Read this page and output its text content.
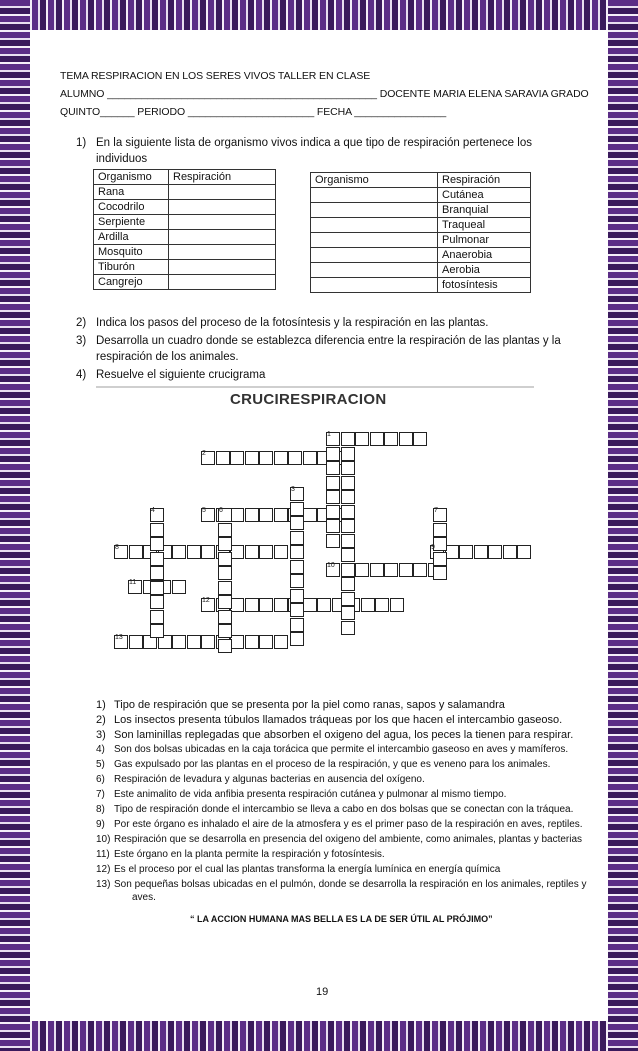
TEMA RESPIRACION EN LOS SERES VIVOS TALLER EN CLASE
ALUMNO _______________________________________________ DOCENTE MARIA ELENA SARAVIA GRADO
QUINTO______ PERIODO ______________________ FECHA ________________
1) En la siguiente lista de organismo vivos indica a que tipo de respiración pertenece los
individuos
Organismo	Respiración
Rana	
Cocodrilo	
Serpiente	
Ardilla	
Mosquito	
Tiburón	
Cangrejo	
Organismo	Respiración
	Cutánea
	Branquial
	Traqueal
	Pulmonar
	Anaerobia
	Aerobia
	fotosíntesis
2) Indica los pasos del proceso de la fotosíntesis y la respiración en las plantas.
3) Desarrolla un cuadro donde se establezca diferencia entre la respiración de las plantas y la
respiración de los animales.
4) Resuelve el siguiente crucigrama
CRUCIRESPIRACION
1
2
3
4	5 6	7
8	9
10
11
12
13
1) Tipo de respiración que se presenta por la piel como ranas, sapos y salamandra
2) Los insectos presenta túbulos llamados tráqueas por los que hacen el intercambio gaseoso.
3) Son laminillas replegadas que absorben el oxigeno del agua, los peces la tienen para respirar.
4) Son dos bolsas ubicadas en la caja torácica que permite el intercambio gaseoso en aves y mamíferos.
5) Gas expulsado por las plantas en el proceso de la respiración, y que es veneno para los animales.
6) Respiración de levadura y algunas bacterias en ausencia del oxígeno.
7) Este animalito de vida anfibia presenta respiración cutánea y pulmonar al mismo tiempo.
8) Tipo de respiración donde el intercambio se lleva a cabo en dos bolsas que se conectan con la tráquea.
9) Por este órgano es inhalado el aire de la atmosfera y es el primer paso de la respiración en aves, reptiles.
10) Respiración que se desarrolla en presencia del oxigeno del ambiente, como animales, plantas y bacterias
11) Este órgano en la planta permite la respiración y fotosíntesis.
12) Es el proceso por el cual las plantas transforma la energía lumínica en energía química
13) Son pequeñas bolsas ubicadas en el pulmón, donde se desarrolla la respiración en los animales, reptiles y
aves.
“ LA ACCION HUMANA MAS BELLA ES LA DE SER ÚTIL AL PRÓJIMO”
19
